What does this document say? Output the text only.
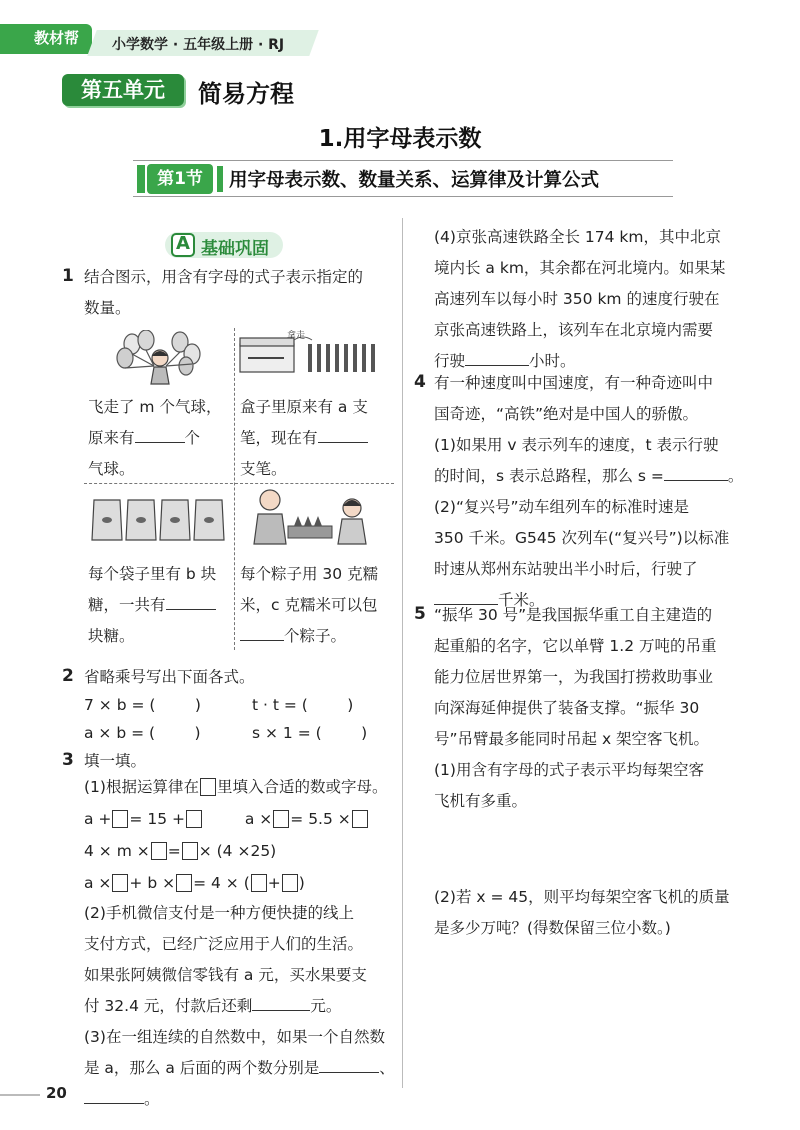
教材帮 小学数学 · 五年级上册 · RJ
第五单元	简易方程
1.用字母表示数
第1节	用字母表示数、数量关系、运算律及计算公式
A 基础巩固
1 结合图示，用含有字母的式子表示指定的
数量。
拿走
飞走了 m 个气球，
原来有	个
气球。
盒子里原来有 a 支
笔，现在有
支笔。
每个袋子里有 b 块
糖，一共有
块糖。
每个粽子用 30 克糯
米，c 克糯米可以包
个粽子。
2 省略乘号写出下面各式。
7 × b = (        )	t · t = (        )
a × b = (        )	s × 1 = (        )
3 填一填。
(1)根据运算律在 里填入合适的数或字母。
a + = 15 +	a × = 5.5 ×
4 × m × = × (4 ×25)
a × + b × = 4 × ( + )
(2)手机微信支付是一种方便快捷的线上
支付方式，已经广泛应用于人们的生活。
如果张阿姨微信零钱有 a 元，买水果要支
付 32.4 元，付款后还剩	元。
(3)在一组连续的自然数中，如果一个自然数
是 a，那么 a 后面的两个数分别是	、
。
(4)京张高速铁路全长 174 km，其中北京
境内长 a km，其余都在河北境内。如果某
高速列车以每小时 350 km 的速度行驶在
京张高速铁路上，该列车在北京境内需要
行驶	小时。
4 有一种速度叫中国速度，有一种奇迹叫中
国奇迹，“高铁”绝对是中国人的骄傲。
(1)如果用 v 表示列车的速度，t 表示行驶
的时间，s 表示总路程，那么 s =	。
(2)“复兴号”动车组列车的标准时速是
350 千米。G545 次列车(“复兴号”)以标准
时速从郑州东站驶出半小时后，行驶了
千米。
5 “振华 30 号”是我国振华重工自主建造的
起重船的名字，它以单臂 1.2 万吨的吊重
能力位居世界第一，为我国打捞救助事业
向深海延伸提供了装备支撑。“振华 30
号”吊臂最多能同时吊起 x 架空客飞机。
(1)用含有字母的式子表示平均每架空客
飞机有多重。
(2)若 x = 45，则平均每架空客飞机的质量
是多少万吨？(得数保留三位小数。)
20
